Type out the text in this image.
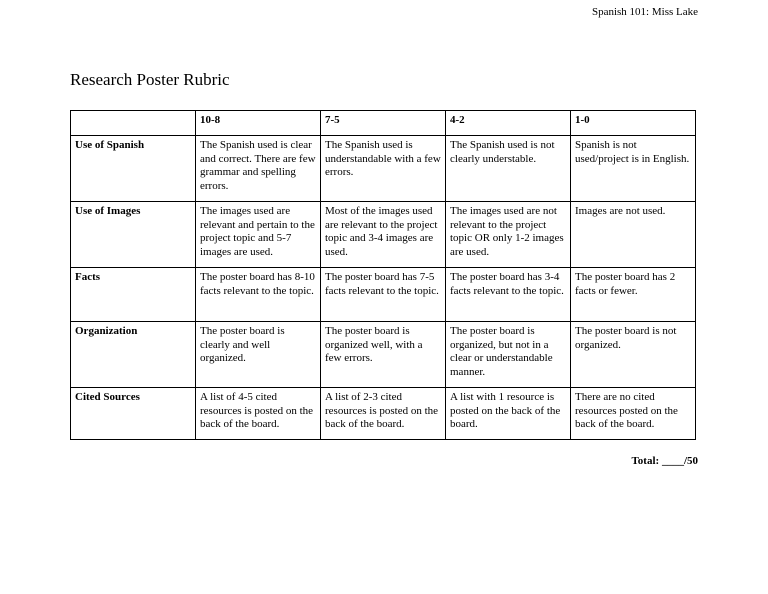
Spanish 101: Miss Lake
Research Poster Rubric
	10-8	7-5	4-2	1-0
Use of Spanish	The Spanish used is clear and correct. There are few grammar and spelling errors.	The Spanish used is understandable with a few errors.	The Spanish used is not clearly understable.	Spanish is not used/project is in English.
Use of Images	The images used are relevant and pertain to the project topic and 5-7 images are used.	Most of the images used are relevant to the project topic and 3-4 images are used.	The images used are not relevant to the project topic OR only 1-2 images are used.	Images are not used.
Facts	The poster board has 8-10 facts relevant to the topic.	The poster board has 7-5 facts relevant to the topic.	The poster board has 3-4 facts relevant to the topic.	The poster board has 2 facts or fewer.
Organization	The poster board is clearly and well organized.	The poster board is organized well, with a few errors.	The poster board is organized, but not in a clear or understandable manner.	The poster board is not organized.
Cited Sources	A list of 4-5 cited resources is posted on the back of the board.	A list of 2-3 cited resources is posted on the back of the board.	A list with 1 resource is posted on the back of the board.	There are no cited resources posted on the back of the board.
Total: ____/50
